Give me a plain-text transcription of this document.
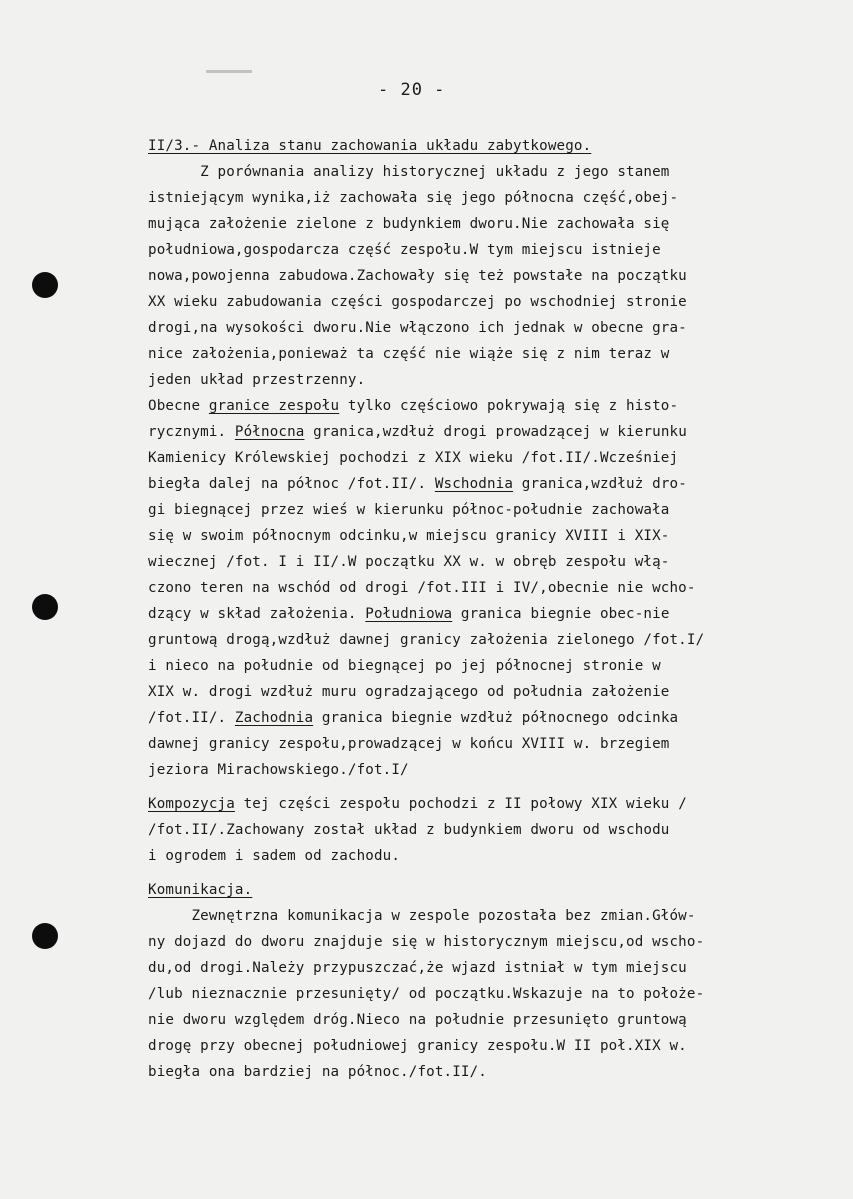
- 20 -
II/3.- Analiza stanu zachowania układu zabytkowego.
Z porównania analizy historycznej układu z jego stanem
istniejącym wynika,iż zachowała się jego północna część,obej-
mująca założenie zielone z budynkiem dworu.Nie zachowała się
południowa,gospodarcza część zespołu.W tym miejscu istnieje
nowa,powojenna zabudowa.Zachowały się też powstałe na początku
XX wieku zabudowania części gospodarczej po wschodniej stronie
drogi,na wysokości dworu.Nie włączono ich jednak w obecne gra-
nice założenia,ponieważ ta część nie wiąże się z nim teraz w
jeden układ przestrzenny.
Obecne granice zespołu tylko częściowo pokrywają się z histo-
rycznymi. Północna granica,wzdłuż drogi prowadzącej w kierunku
Kamienicy Królewskiej pochodzi z XIX wieku /fot.II/.Wcześniej
biegła dalej na północ /fot.II/. Wschodnia granica,wzdłuż dro-
gi biegnącej przez wieś w kierunku północ-południe zachowała
się w swoim północnym odcinku,w miejscu granicy XVIII i XIX-
wiecznej /fot. I i II/.W początku XX w. w obręb zespołu włą-
czono teren na wschód od drogi /fot.III i IV/,obecnie nie wcho-
dzący w skład założenia. Południowa granica biegnie obec-nie
gruntową drogą,wzdłuż dawnej granicy założenia zielonego /fot.I/
i nieco na południe od biegnącej po jej północnej stronie w
XIX w. drogi wzdłuż muru ogradzającego od południa założenie
/fot.II/. Zachodnia granica biegnie wzdłuż północnego odcinka
dawnej granicy zespołu,prowadzącej w końcu XVIII w. brzegiem
jeziora Mirachowskiego./fot.I/
Kompozycja tej części zespołu pochodzi z II połowy XIX wieku /
/fot.II/.Zachowany został układ z budynkiem dworu od wschodu
i ogrodem i sadem od zachodu.
Komunikacja.
Zewnętrzna komunikacja w zespole pozostała bez zmian.Głów-
ny dojazd do dworu znajduje się w historycznym miejscu,od wscho-
du,od drogi.Należy przypuszczać,że wjazd istniał w tym miejscu
/lub nieznacznie przesunięty/ od początku.Wskazuje na to położe-
nie dworu względem dróg.Nieco na południe przesunięto gruntową
drogę przy obecnej południowej granicy zespołu.W II poł.XIX w.
biegła ona bardziej na północ./fot.II/.
